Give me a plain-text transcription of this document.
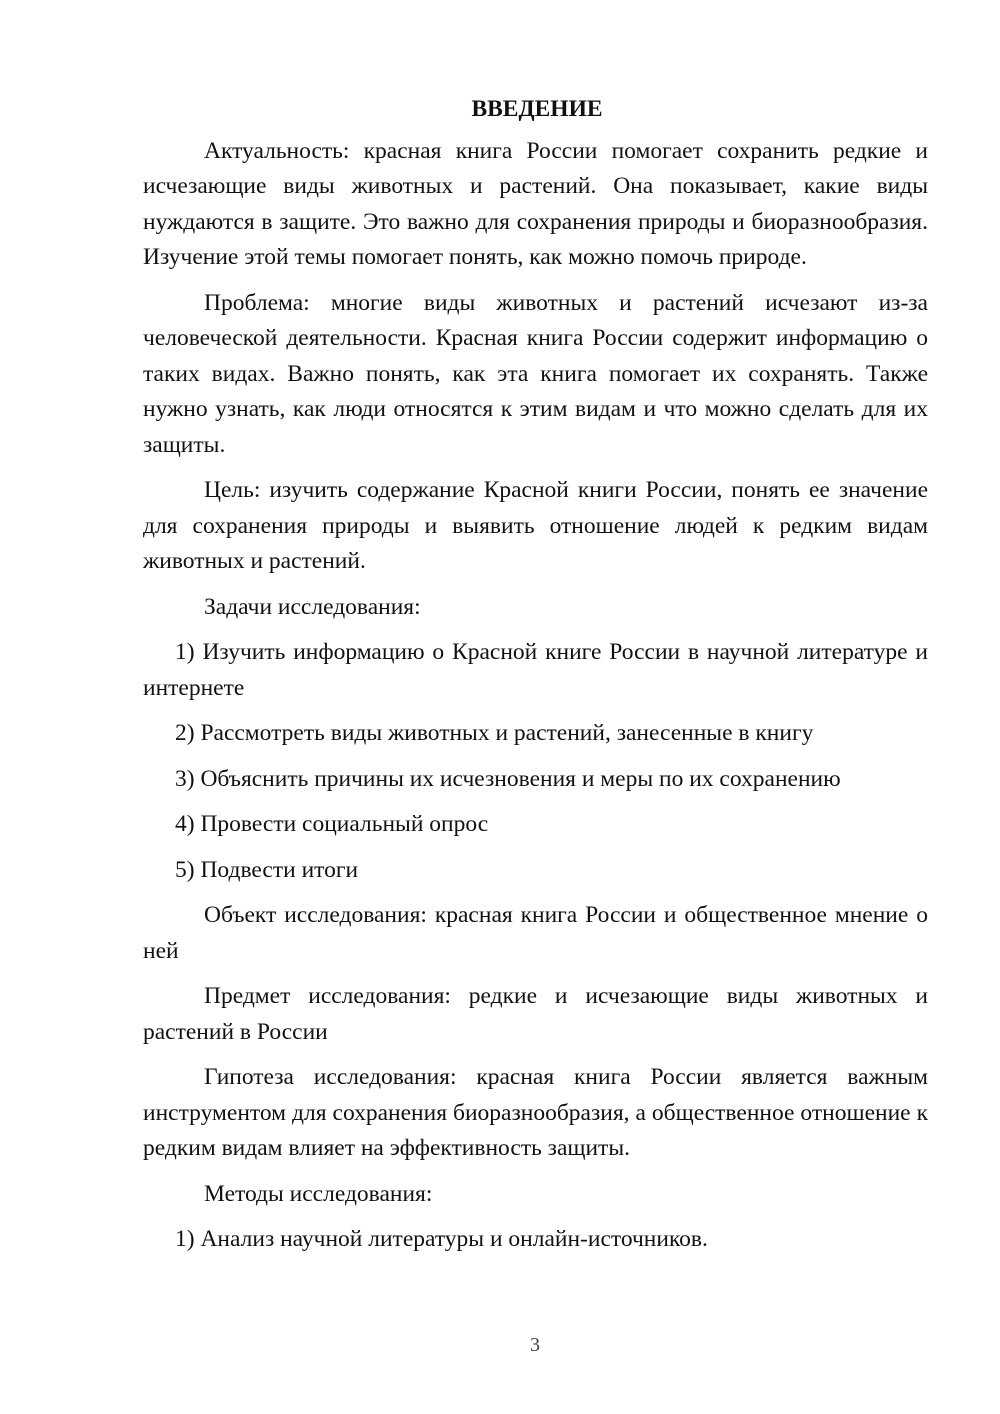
ВВЕДЕНИЕ

Актуальность: красная книга России помогает сохранить редкие и исчезающие виды животных и растений. Она показывает, какие виды нуждаются в защите. Это важно для сохранения природы и биоразнообразия. Изучение этой темы помогает понять, как можно помочь природе.

Проблема: многие виды животных и растений исчезают из-за человеческой деятельности. Красная книга России содержит информацию о таких видах. Важно понять, как эта книга помогает их сохранять. Также нужно узнать, как люди относятся к этим видам и что можно сделать для их защиты.

Цель: изучить содержание Красной книги России, понять ее значение для сохранения природы и выявить отношение людей к редким видам животных и растений.

Задачи исследования:

1) Изучить информацию о Красной книге России в научной литературе и интернете

2) Рассмотреть виды животных и растений, занесенные в книгу

3) Объяснить причины их исчезновения и меры по их сохранению

4) Провести социальный опрос

5) Подвести итоги

Объект исследования: красная книга России и общественное мнение о ней

Предмет исследования: редкие и исчезающие виды животных и растений в России

Гипотеза исследования: красная книга России является важным инструментом для сохранения биоразнообразия, а общественное отношение к редким видам влияет на эффективность защиты.

Методы исследования:

1) Анализ научной литературы и онлайн-источников.

3
